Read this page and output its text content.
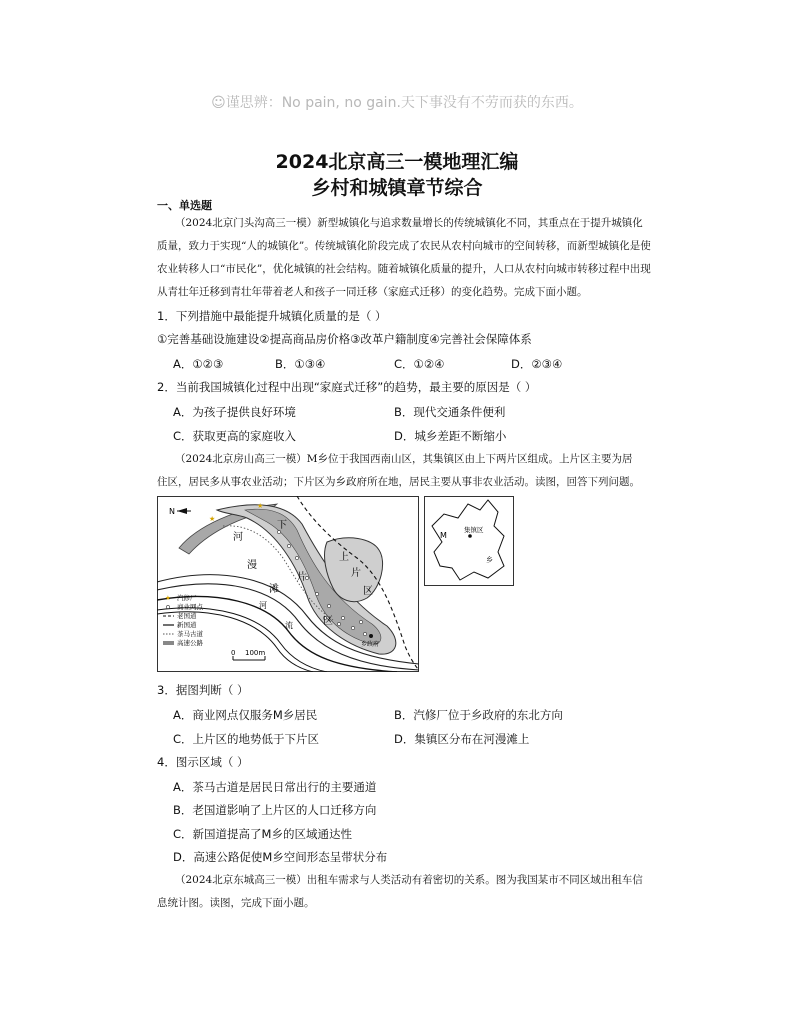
☺谨思辨：No pain, no gain.天下事没有不劳而获的东西。
2024北京高三一模地理汇编
乡村和城镇章节综合
一、单选题
（2024北京门头沟高三一模）新型城镇化与追求数量增长的传统城镇化不同，其重点在于提升城镇化
质量，致力于实现“人的城镇化”。传统城镇化阶段完成了农民从农村向城市的空间转移，而新型城镇化是使
农业转移人口“市民化”，优化城镇的社会结构。随着城镇化质量的提升，人口从农村向城市转移过程中出现
从青壮年迁移到青壮年带着老人和孩子一同迁移（家庭式迁移）的变化趋势。完成下面小题。
1．下列措施中最能提升城镇化质量的是（ ）
①完善基础设施建设②提高商品房价格③改革户籍制度④完善社会保障体系
A．①②③	B．①③④	C．①②④	D．②③④
2．当前我国城镇化过程中出现“家庭式迁移”的趋势，最主要的原因是（ ）
A．为孩子提供良好环境	B．现代交通条件便利
C．获取更高的家庭收入	D．城乡差距不断缩小
（2024北京房山高三一模）M乡位于我国西南山区，其集镇区由上下两片区组成。上片区主要为居
住区，居民多从事农业活动；下片区为乡政府所在地，居民主要从事非农业活动。读图，回答下列问题。
N
★
★
河
漫
滩
河
流
下
片
区
上
片
区
乡政府
★ 汽修厂
商业网点
老国道
新国道
茶马古道
高速公路
0 100m
M
集镇区
乡
3．据图判断（ ）
A．商业网点仅服务M乡居民	B．汽修厂位于乡政府的东北方向
C．上片区的地势低于下片区	D．集镇区分布在河漫滩上
4．图示区域（ ）
A．茶马古道是居民日常出行的主要通道
B．老国道影响了上片区的人口迁移方向
C．新国道提高了M乡的区域通达性
D．高速公路促使M乡空间形态呈带状分布
（2024北京东城高三一模）出租车需求与人类活动有着密切的关系。图为我国某市不同区域出租车信
息统计图。读图，完成下面小题。
